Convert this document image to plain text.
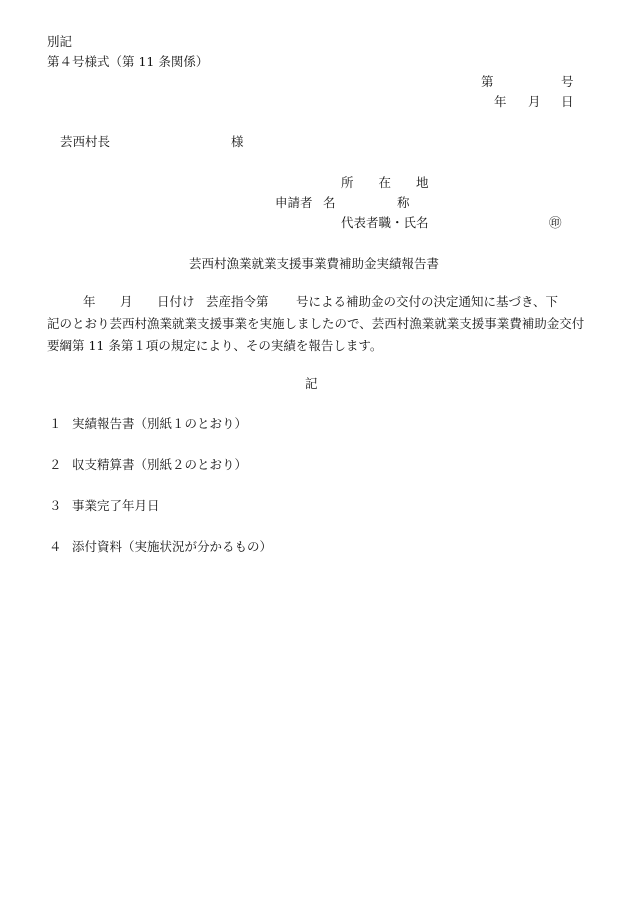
別記
第４号様式（第 11 条関係）
第	号
年 月 日
芸西村長	様
所　　在　　地
申請者 名	称
代表者職・氏名	㊞
芸西村漁業就業支援事業費補助金実績報告書
年 月 日付け 芸産指令第 号による補助金の交付の決定通知に基づき、下
記のとおり芸西村漁業就業支援事業を実施しましたので、芸西村漁業就業支援事業費補助金交付
要綱第 11 条第１項の規定により、その実績を報告します。
記
１ 実績報告書（別紙１のとおり）
２ 収支精算書（別紙２のとおり）
３ 事業完了年月日
４ 添付資料（実施状況が分かるもの）
